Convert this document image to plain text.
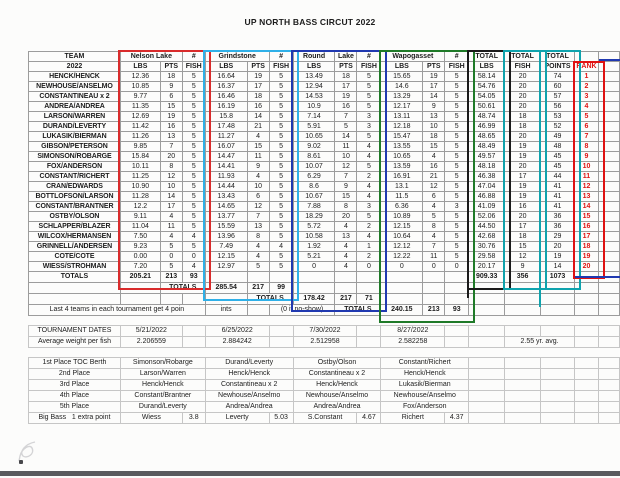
UP NORTH BASS CIRCUT 2022
TEAM	Nelson Lake		#	Grindstone		#	Round	Lake	#	Wapogasset		#	TOTAL	TOTAL	TOTAL		
2022	LBS	PTS	FISH	LBS	PTS	FISH	LBS	PTS	FISH	LBS	PTS	FISH	LBS	FISH	POINTS	RANK	
HENCK/HENCK	12.36	18	5	16.64	19	5	13.49	18	5	15.65	19	5	58.14	20	74	1	
NEWHOUSE/ANSELMO	10.85	9	5	16.37	17	5	12.94	17	5	14.6	17	5	54.76	20	60	2	
CONSTANTINEAU x 2	9.77	6	5	16.46	18	5	14.53	19	5	13.29	14	5	54.05	20	57	3	
ANDREA/ANDREA	11.35	15	5	16.19	16	5	10.9	16	5	12.17	9	5	50.61	20	56	4	
LARSON/WARREN	12.69	19	5	15.8	14	5	7.14	7	3	13.11	13	5	48.74	18	53	5	
DURAND/LEVERTY	11.42	16	5	17.48	21	5	5.91	5	3	12.18	10	5	46.99	18	52	6	
LUKASIK/BIERMAN	11.26	13	5	11.27	4	5	10.65	14	5	15.47	18	5	48.65	20	49	7	
GIBSON/PETERSON	9.85	7	5	16.07	15	5	9.02	11	4	13.55	15	5	48.49	19	48	8	
SIMONSON/ROBARGE	15.84	20	5	14.47	11	5	8.61	10	4	10.65	4	5	49.57	19	45	9	
FOX/ANDERSON	10.11	8	5	14.41	9	5	10.07	12	5	13.59	16	5	48.18	20	45	10	
CONSTANT/RICHERT	11.25	12	5	11.93	4	5	6.29	7	2	16.91	21	5	46.38	17	44	11	
CRAN/EDWARDS	10.90	10	5	14.44	10	5	8.6	9	4	13.1	12	5	47.04	19	41	12	
BOTTLOFSON/LARSON	11.28	14	5	13.43	6	5	10.67	15	4	11.5	6	5	46.88	19	41	13	
CONSTANT/BRANTNER	12.2	17	5	14.65	12	5	7.88	8	3	6.36	4	3	41.09	16	41	14	
OSTBY/OLSON	9.11	4	5	13.77	7	5	18.29	20	5	10.89	5	5	52.06	20	36	15	
SCHLAPPER/BLAZER	11.04	11	5	15.59	13	5	5.72	4	2	12.15	8	5	44.50	17	36	16	
WILCOX/HERMANSEN	7.50	4	4	13.96	8	5	10.58	13	4	10.64	4	5	42.68	18	29	17	
GRINNELL/ANDERSEN	9.23	5	5	7.49	4	4	1.92	4	1	12.12	7	5	30.76	15	20	18	
COTE/COTE	0.00	0	0	12.15	4	5	5.21	4	2	12.22	11	5	29.58	12	19	19	
WIESS/STROHMAN	7.20	5	4	12.97	5	5	0	4	0	0	0	0	20.17	9	14	20	
TOTALS	205.21	213	93										909.33	356	1073		
		TOTALS		285.54	217	99											
					TOTALS		178.42	217	71								
Last 4 teams in each tournament get 4 poin				ints		(0 if no-show)		TOTALS		240.15	213	93					

TOURNAMENT DATES	5/21/2022			6/25/2022			7/30/2022			8/27/2022							
Average weight per fish	2.206559			2.884242			2.512958			2.582258				2.55 yr. avg.			

1st Place TOC Berth	Simonson/Robarge			Durand/Leverty			Ostby/Olson			Constant/Richert							
2nd Place	Larson/Warren			Henck/Henck			Constantineau x 2			Henck/Henck							
3rd Place	Henck/Henck			Constantineau x 2			Henck/Henck			Lukasik/Bierman							
4th Place	Constant/Brantner			Newhouse/Anselmo			Newhouse/Anselmo			Newhouse/Anselmo							
5th Place	Durand/Leverty			Andrea/Andrea			Andrea/Andrea			Fox/Anderson							
Big Bass 1 extra point	Wiess		3.8	Leverty		5.03	S.Constant		4.67	Richert		4.37					
